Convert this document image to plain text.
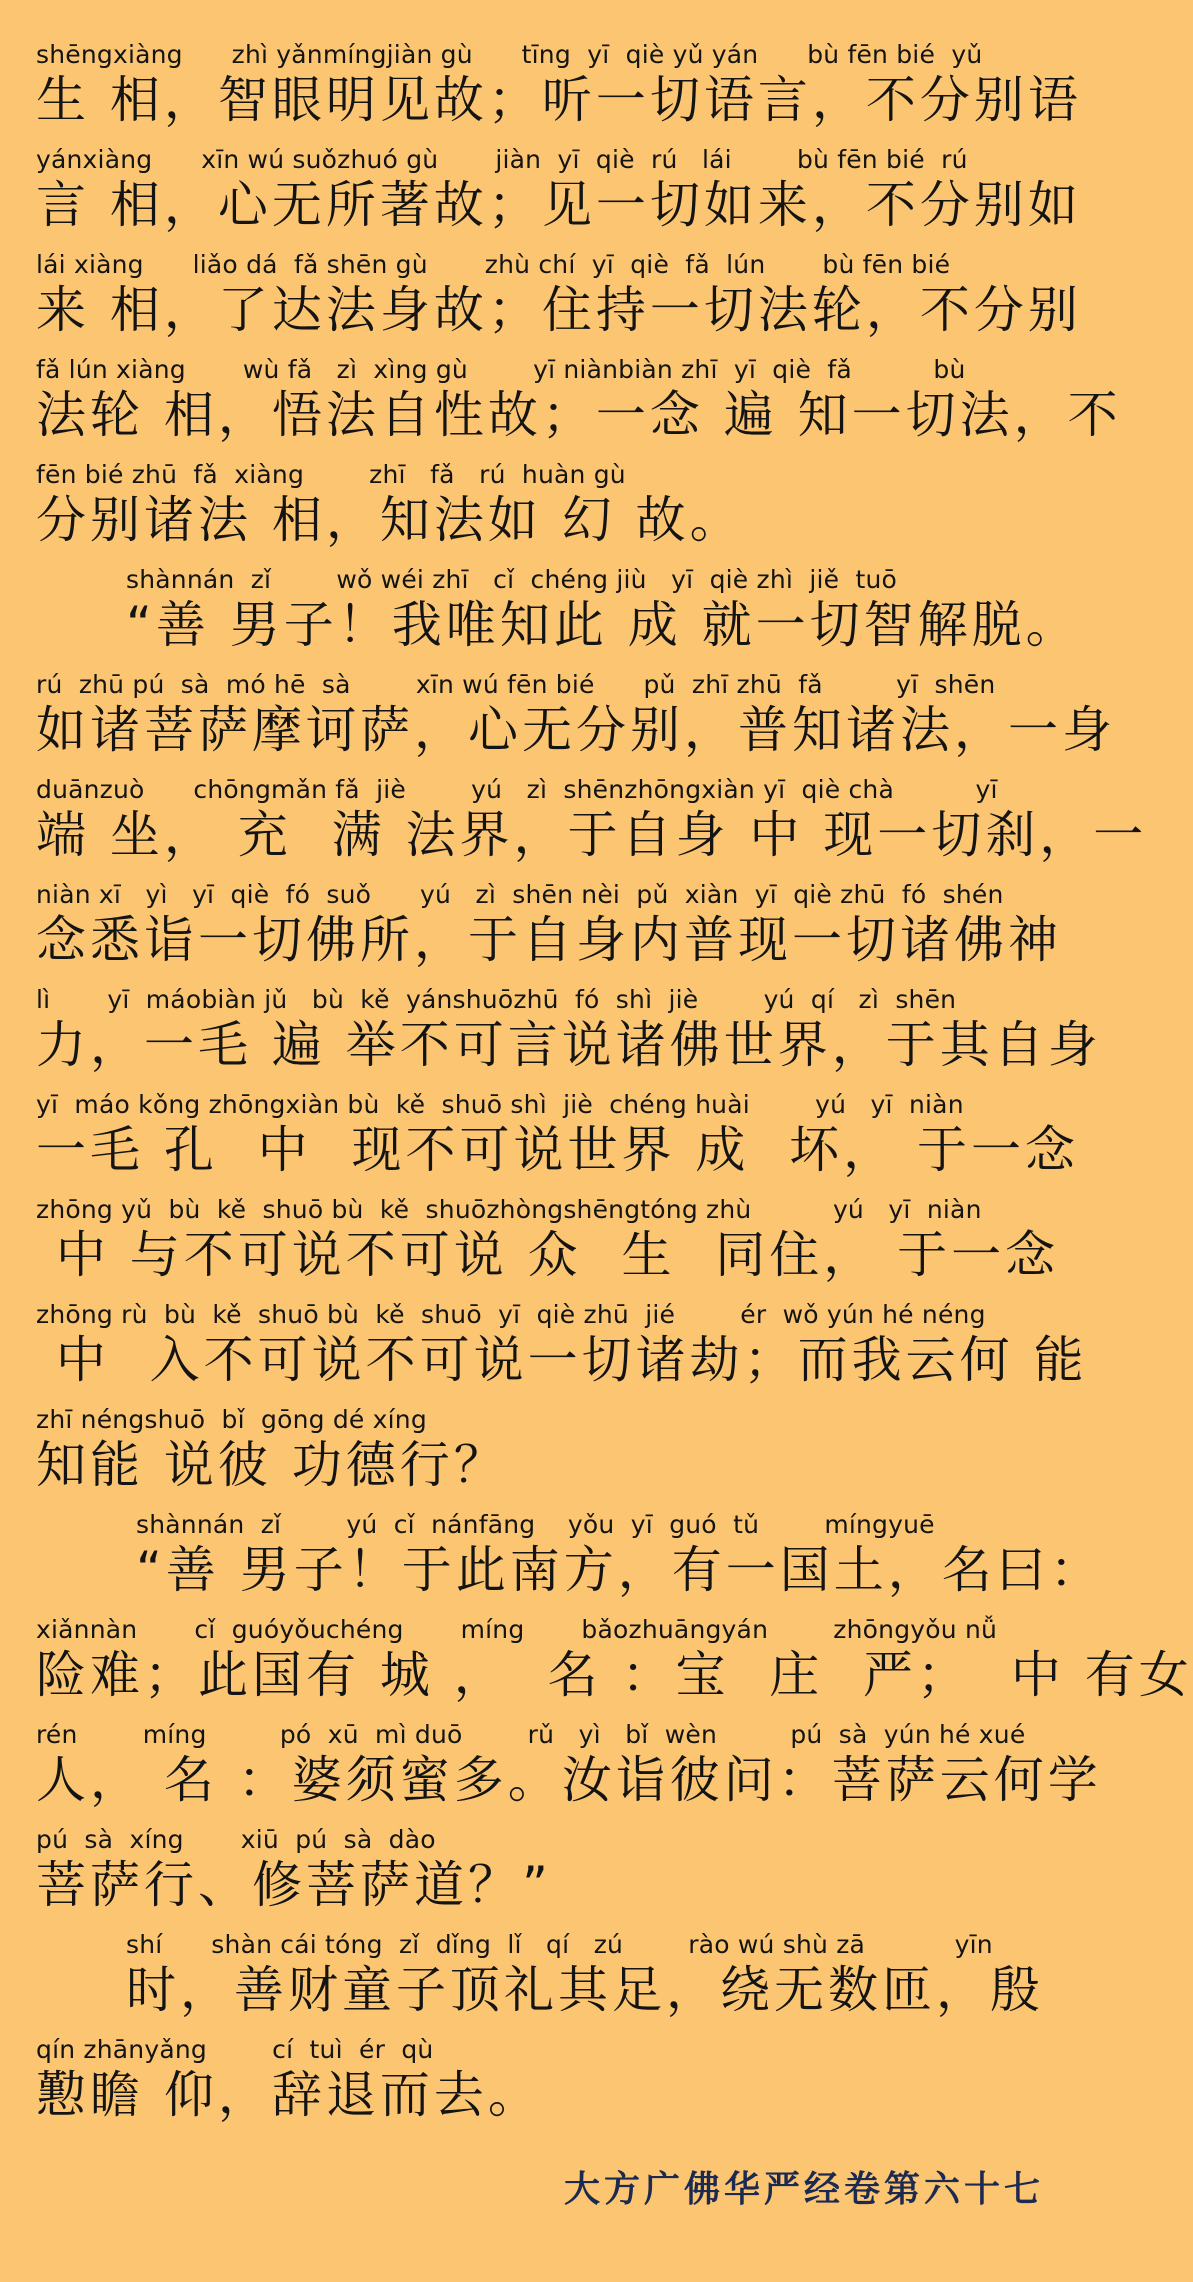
shēngxiàng      zhì yǎnmíngjiàn gù      tīng  yī  qiè yǔ yán      bù fēn bié  yǔ
生 相，智眼明见故；听一切语言，不分别语
yánxiàng      xīn wú suǒzhuó gù       jiàn  yī  qiè  rú   lái        bù fēn bié  rú
言 相，心无所著故；见一切如来，不分别如
lái xiàng      liǎo dá  fǎ shēn gù       zhù chí  yī  qiè  fǎ  lún       bù fēn bié
来 相，了达法身故；住持一切法轮，不分别
fǎ lún xiàng       wù fǎ   zì  xìng gù        yī niànbiàn zhī  yī  qiè  fǎ          bù
法轮 相，悟法自性故；一念 遍 知一切法，不
fēn bié zhū  fǎ  xiàng        zhī   fǎ   rú  huàn gù
分别诸法 相，知法如 幻 故。
shànnán  zǐ        wǒ wéi zhī   cǐ  chéng jiù   yī  qiè zhì  jiě  tuō
“善 男子！我唯知此 成 就一切智解脱。
rú  zhū pú  sà  mó hē  sà        xīn wú fēn bié      pǔ  zhī zhū  fǎ         yī  shēn
如诸菩萨摩诃萨，心无分别，普知诸法，一身
duānzuò      chōngmǎn fǎ  jiè        yú   zì  shēnzhōngxiàn yī  qiè chà          yī
端 坐， 充  满 法界，于自身 中 现一切刹，一
niàn xī   yì   yī  qiè  fó  suǒ      yú   zì  shēn nèi  pǔ  xiàn  yī  qiè zhū  fó  shén
念悉诣一切佛所，于自身内普现一切诸佛神
lì       yī  máobiàn jǔ   bù  kě  yánshuōzhū  fó  shì  jiè        yú  qí   zì  shēn
力，一毛 遍 举不可言说诸佛世界，于其自身
yī  máo kǒng zhōngxiàn bù  kě  shuō shì  jiè  chéng huài        yú   yī  niàn
一毛 孔  中  现不可说世界 成  坏， 于一念
zhōng yǔ  bù  kě  shuō bù  kě  shuōzhòngshēngtóng zhù          yú   yī  niàn
中 与不可说不可说 众  生  同住， 于一念
zhōng rù  bù  kě  shuō bù  kě  shuō  yī  qiè zhū  jié        ér  wǒ yún hé néng
中  入不可说不可说一切诸劫；而我云何 能
zhī néngshuō  bǐ  gōng dé xíng
知能 说彼 功德行？
shànnán  zǐ        yú  cǐ  nánfāng    yǒu  yī  guó  tǔ        míngyuē
“善 男子！于此南方，有一国土，名曰：
xiǎnnàn       cǐ  guóyǒuchéng       míng       bǎozhuāngyán        zhōngyǒu nǚ
险难；此国有 城 ，  名 ：宝  庄  严；  中 有女
rén        míng         pó  xū  mì duō        rǔ   yì   bǐ  wèn         pú  sà  yún hé xué
人， 名 ：婆须蜜多。汝诣彼问：菩萨云何学
pú  sà  xíng       xiū  pú  sà  dào
菩萨行、修菩萨道？”
shí      shàn cái tóng  zǐ  dǐng  lǐ   qí   zú        rào wú shù zā           yīn
时，善财童子顶礼其足，绕无数匝，殷
qín zhānyǎng        cí  tuì  ér  qù
懃瞻 仰，辞退而去。
大方广佛华严经卷第六十七
